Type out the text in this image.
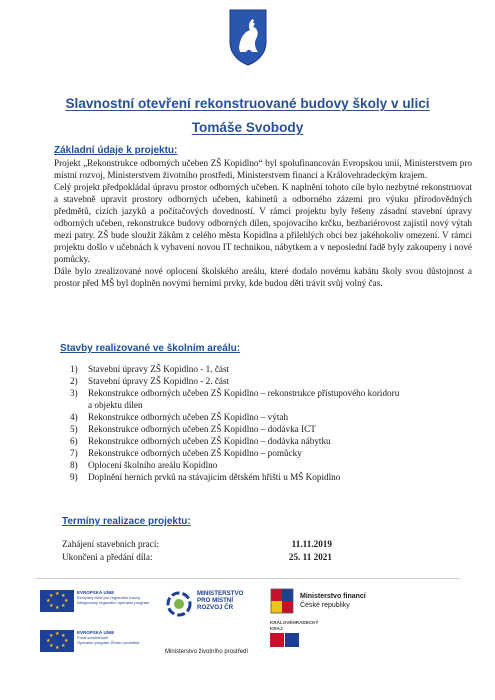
Slavnostní otevření rekonstruované budovy školy v ulici
Tomáše Svobody
Základní údaje k projektu:

Projekt „Rekonstrukce odborných učeben ZŠ Kopidlno“ byl spolufinancován Evropskou unií, Ministerstvem pro místní rozvoj, Ministerstvem životního prostředí, Ministerstvem financí a Královehradeckým krajem.

Celý projekt předpokládal úpravu prostor odborných učeben. K naplnění tohoto cíle bylo nezbytné rekonstruovat a stavebně upravit prostory odborných učeben, kabinetů a odborného zázemí pro výuku přírodovědných předmětů, cizích jazyků a počítačových dovedností. V rámci projektu byly řešeny zásadní stavební úpravy odborných učeben, rekonstrukce budovy odborných dílen, spojovacího krčku, bezbariérovost zajistil nový výtah mezi patry. ZŠ bude sloužit žákům z celého města Kopidlna a přilehlých obcí bez jakéhokoliv omezení. V rámci projektu došlo v učebnách k vybavení novou IT technikou, nábytkem a v neposlední řadě byly zakoupeny i nové pomůcky.

Dále bylo zrealizované nové oplocení školského areálu, které dodalo novému kabátu školy svou důstojnost a prostor před MŠ byl doplněn novými herními prvky, kde budou děti trávit svůj volný čas.

Stavby realizované ve školním areálu:
1) Stavební úpravy ZŠ Kopidlno - 1. část
2) Stavební úpravy ZŠ Kopidlno - 2. část
3) Rekonstrukce odborných učeben ZŠ Kopidlno – rekonstrukce přístupového koridoru a objektu dílen
4) Rekonstrukce odborných učeben ZŠ Kopidlno – výtah
5) Rekonstrukce odborných učeben ZŠ Kopidlno – dodávka ICT
6) Rekonstrukce odborných učeben ZŠ Kopidlno – dodávka nábytku
7) Rekonstrukce odborných učeben ZŠ Kopidlno – pomůcky
8) Oplocení školního areálu Kopidlno
9) Doplnění herních prvků na stávajícím dětském hřišti u MŠ Kopidlno
Termíny realizace projektu:
Zahájení stavebních prací:	11.11.2019
Ukončení a předání díla:	25. 11 2021
★ ★
★
★
★
★
★
★
EVROPSKÁ UNIE
Evropský fond pro regionální rozvoj
Integrovaný regionální operační program
MINISTERSTVO
PRO MÍSTNÍ
ROZVOJ ČR
Ministerstvo financí
České republiky
★ ★
★
★
★
★
★
★
EVROPSKÁ UNIE
Fond soudržnosti
Operační program Životní prostředí
Ministerstvo životního prostředí
KRÁLOVÉHRADECKÝ
KRAJ
